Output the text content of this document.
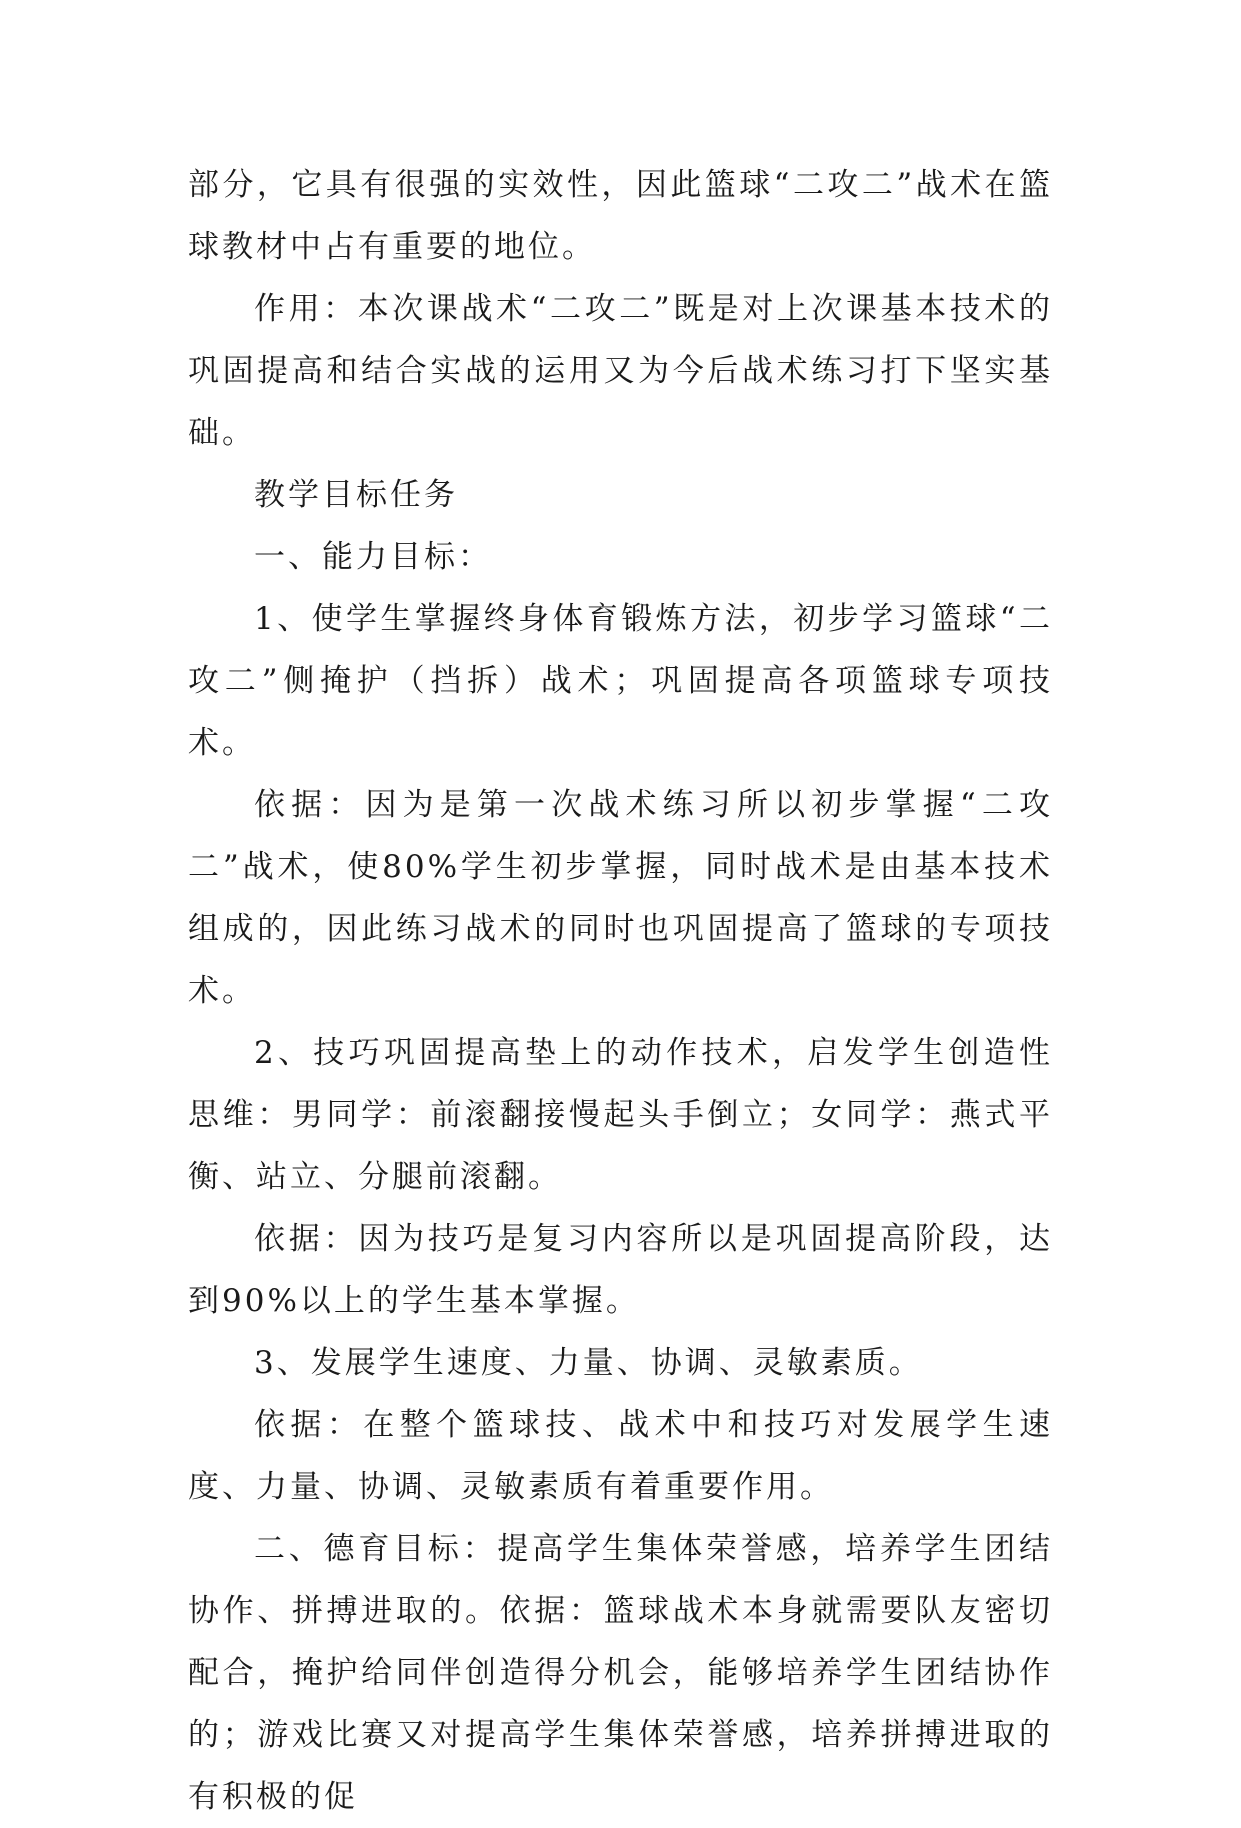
部分，它具有很强的实效性，因此篮球“二攻二”战术在篮球教材中占有重要的地位。

作用：本次课战术“二攻二”既是对上次课基本技术的巩固提高和结合实战的运用又为今后战术练习打下坚实基础。

教学目标任务

一、能力目标：

1、使学生掌握终身体育锻炼方法，初步学习篮球“二攻二”侧掩护（挡拆）战术；巩固提高各项篮球专项技术。

依据：因为是第一次战术练习所以初步掌握“二攻二”战术，使80%学生初步掌握，同时战术是由基本技术组成的，因此练习战术的同时也巩固提高了篮球的专项技术。

2、技巧巩固提高垫上的动作技术，启发学生创造性思维：男同学：前滚翻接慢起头手倒立；女同学：燕式平衡、站立、分腿前滚翻。

依据：因为技巧是复习内容所以是巩固提高阶段，达到90%以上的学生基本掌握。

3、发展学生速度、力量、协调、灵敏素质。

依据：在整个篮球技、战术中和技巧对发展学生速度、力量、协调、灵敏素质有着重要作用。

二、德育目标：提高学生集体荣誉感，培养学生团结协作、拼搏进取的。依据：篮球战术本身就需要队友密切配合，掩护给同伴创造得分机会，能够培养学生团结协作的；游戏比赛又对提高学生集体荣誉感，培养拼搏进取的有积极的促
